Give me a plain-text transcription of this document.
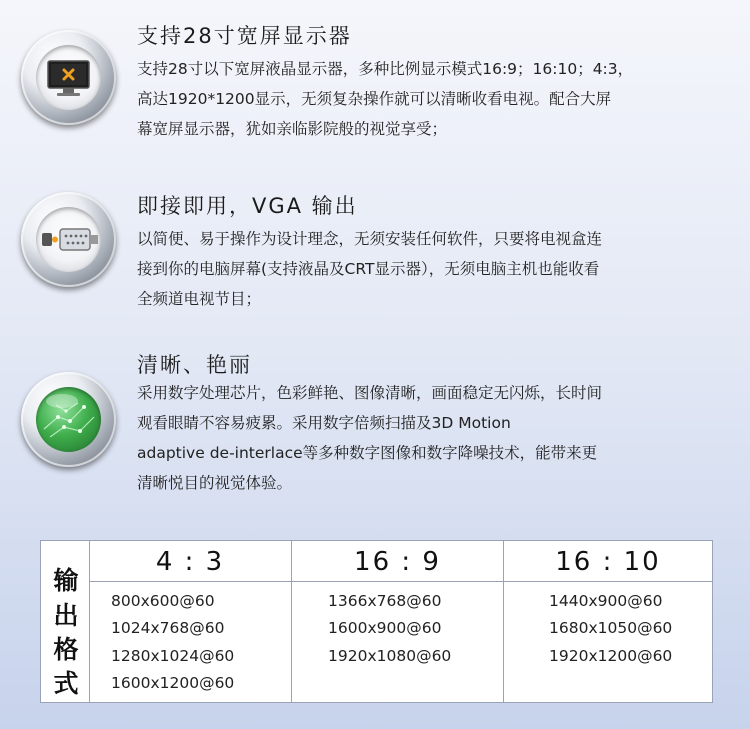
支持28寸宽屏显示器
支持28寸以下宽屏液晶显示器，多种比例显示模式16:9；16:10；4:3，
高达1920*1200显示，无须复杂操作就可以清晰收看电视。配合大屏
幕宽屏显示器，犹如亲临影院般的视觉享受；
即接即用，VGA 输出
以简便、易于操作为设计理念，无须安装任何软件，只要将电视盒连
接到你的电脑屏幕(支持液晶及CRT显示器），无须电脑主机也能收看
全频道电视节目；
清晰、艳丽
采用数字处理芯片，色彩鲜艳、图像清晰，画面稳定无闪烁，长时间
观看眼睛不容易疲累。采用数字倍频扫描及3D Motion
adaptive de-interlace等多种数字图像和数字降噪技术，能带来更
清晰悦目的视觉体验。
输
出
格
式
4 : 3
800x600@60
1024x768@60
1280x1024@60
1600x1200@60
16 : 9
1366x768@60
1600x900@60
1920x1080@60
16 : 10
1440x900@60
1680x1050@60
1920x1200@60
